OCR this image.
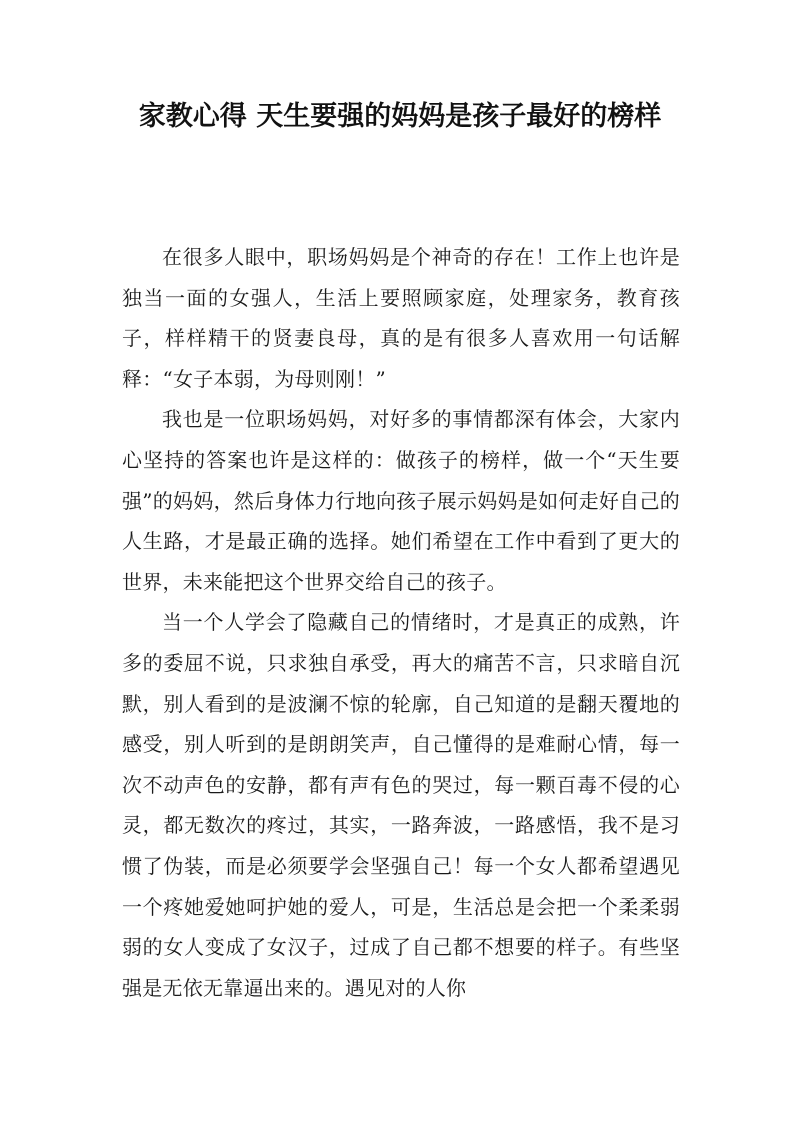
家教心得 天生要强的妈妈是孩子最好的榜样

在很多人眼中，职场妈妈是个神奇的存在！工作上也许是独当一面的女强人，生活上要照顾家庭，处理家务，教育孩子，样样精干的贤妻良母，真的是有很多人喜欢用一句话解释：“女子本弱，为母则刚！”

我也是一位职场妈妈，对好多的事情都深有体会，大家内心坚持的答案也许是这样的：做孩子的榜样，做一个“天生要强”的妈妈，然后身体力行地向孩子展示妈妈是如何走好自己的人生路，才是最正确的选择。她们希望在工作中看到了更大的世界，未来能把这个世界交给自己的孩子。

当一个人学会了隐藏自己的情绪时，才是真正的成熟，许多的委屈不说，只求独自承受，再大的痛苦不言，只求暗自沉默，别人看到的是波澜不惊的轮廓，自己知道的是翻天覆地的感受，别人听到的是朗朗笑声，自己懂得的是难耐心情，每一次不动声色的安静，都有声有色的哭过，每一颗百毒不侵的心灵，都无数次的疼过，其实，一路奔波，一路感悟，我不是习惯了伪装，而是必须要学会坚强自己！每一个女人都希望遇见一个疼她爱她呵护她的爱人，可是，生活总是会把一个柔柔弱弱的女人变成了女汉子，过成了自己都不想要的样子。有些坚强是无依无靠逼出来的。遇见对的人你
